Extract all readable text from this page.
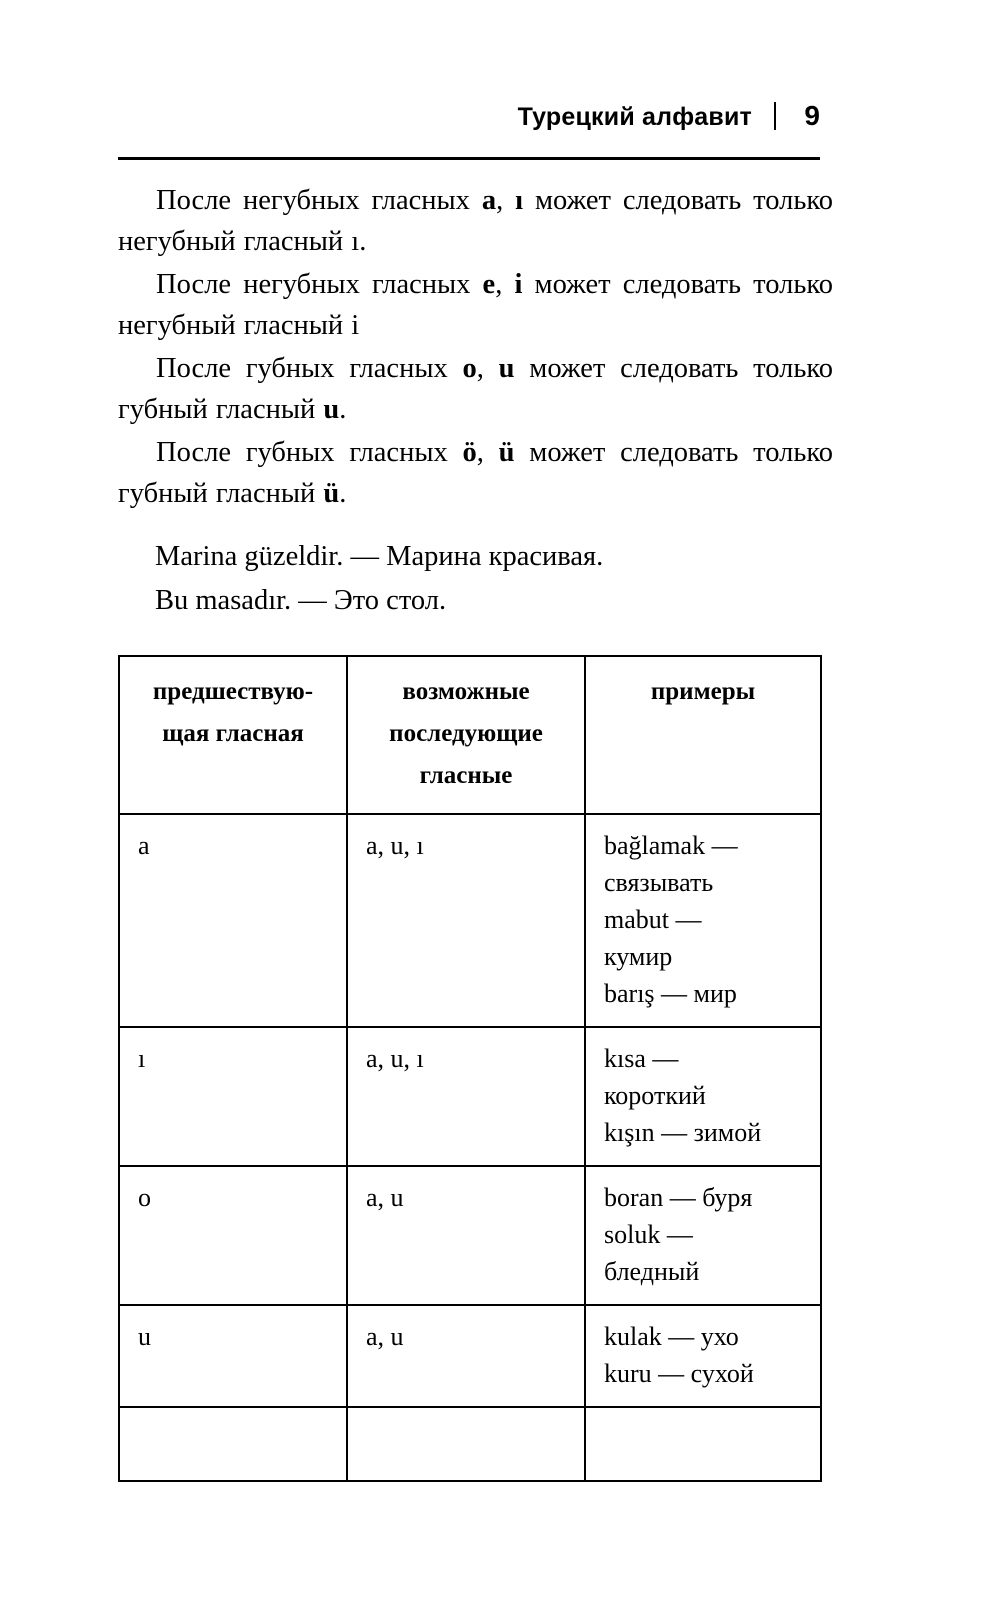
Турецкий алфавит 9

После негубных гласных a, ı может следовать только негубный гласный ı.

После негубных гласных e, i может следовать только негубный гласный i

После губных гласных o, u может следовать только губный гласный u.

После губных гласных ö, ü может следовать только губный гласный ü.

Marina güzeldir. — Марина красивая.

Bu masadır. — Это стол.

предшествую-щая гласная	возможные последующие гласные	примеры
a	a, u, ı	bağlamak —
связывать
mabut —
кумир
barış — мир

ı	a, u, ı	kısa —
короткий
kışın — зимой

o	a, u	boran — буря
soluk —
бледный

u	a, u	kulak — ухо
kuru — сухой
